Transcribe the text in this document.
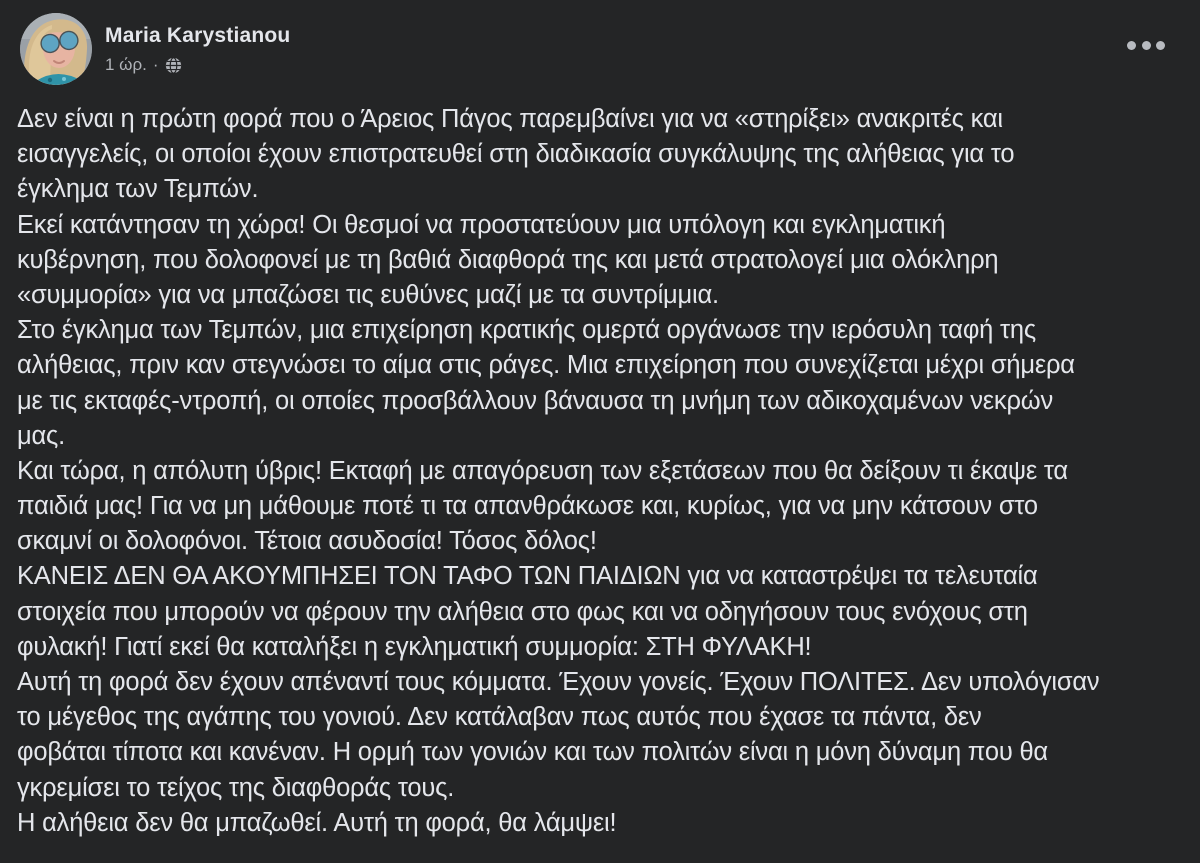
Maria Karystianou
1 ώρ. ·
Δεν είναι η πρώτη φορά που ο Άρειος Πάγος παρεμβαίνει για να «στηρίξει» ανακριτές και
εισαγγελείς, οι οποίοι έχουν επιστρατευθεί στη διαδικασία συγκάλυψης της αλήθειας για το
έγκλημα των Τεμπών.
Εκεί κατάντησαν τη χώρα! Οι θεσμοί να προστατεύουν μια υπόλογη και εγκληματική
κυβέρνηση, που δολοφονεί με τη βαθιά διαφθορά της και μετά στρατολογεί μια ολόκληρη
«συμμορία» για να μπαζώσει τις ευθύνες μαζί με τα συντρίμμια.
Στο έγκλημα των Τεμπών, μια επιχείρηση κρατικής ομερτά οργάνωσε την ιερόσυλη ταφή της
αλήθειας, πριν καν στεγνώσει το αίμα στις ράγες. Μια επιχείρηση που συνεχίζεται μέχρι σήμερα
με τις εκταφές-ντροπή, οι οποίες προσβάλλουν βάναυσα τη μνήμη των αδικοχαμένων νεκρών
μας.
Και τώρα, η απόλυτη ύβρις! Εκταφή με απαγόρευση των εξετάσεων που θα δείξουν τι έκαψε τα
παιδιά μας! Για να μη μάθουμε ποτέ τι τα απανθράκωσε και, κυρίως, για να μην κάτσουν στο
σκαμνί οι δολοφόνοι. Τέτοια ασυδοσία! Τόσος δόλος!
ΚΑΝΕΙΣ ΔΕΝ ΘΑ ΑΚΟΥΜΠΗΣΕΙ ΤΟΝ ΤΑΦΟ ΤΩΝ ΠΑΙΔΙΩΝ για να καταστρέψει τα τελευταία
στοιχεία που μπορούν να φέρουν την αλήθεια στο φως και να οδηγήσουν τους ενόχους στη
φυλακή! Γιατί εκεί θα καταλήξει η εγκληματική συμμορία: ΣΤΗ ΦΥΛΑΚΗ!
Αυτή τη φορά δεν έχουν απέναντί τους κόμματα. Έχουν γονείς. Έχουν ΠΟΛΙΤΕΣ. Δεν υπολόγισαν
το μέγεθος της αγάπης του γονιού. Δεν κατάλαβαν πως αυτός που έχασε τα πάντα, δεν
φοβάται τίποτα και κανέναν. Η ορμή των γονιών και των πολιτών είναι η μόνη δύναμη που θα
γκρεμίσει το τείχος της διαφθοράς τους.
Η αλήθεια δεν θα μπαζωθεί. Αυτή τη φορά, θα λάμψει!
